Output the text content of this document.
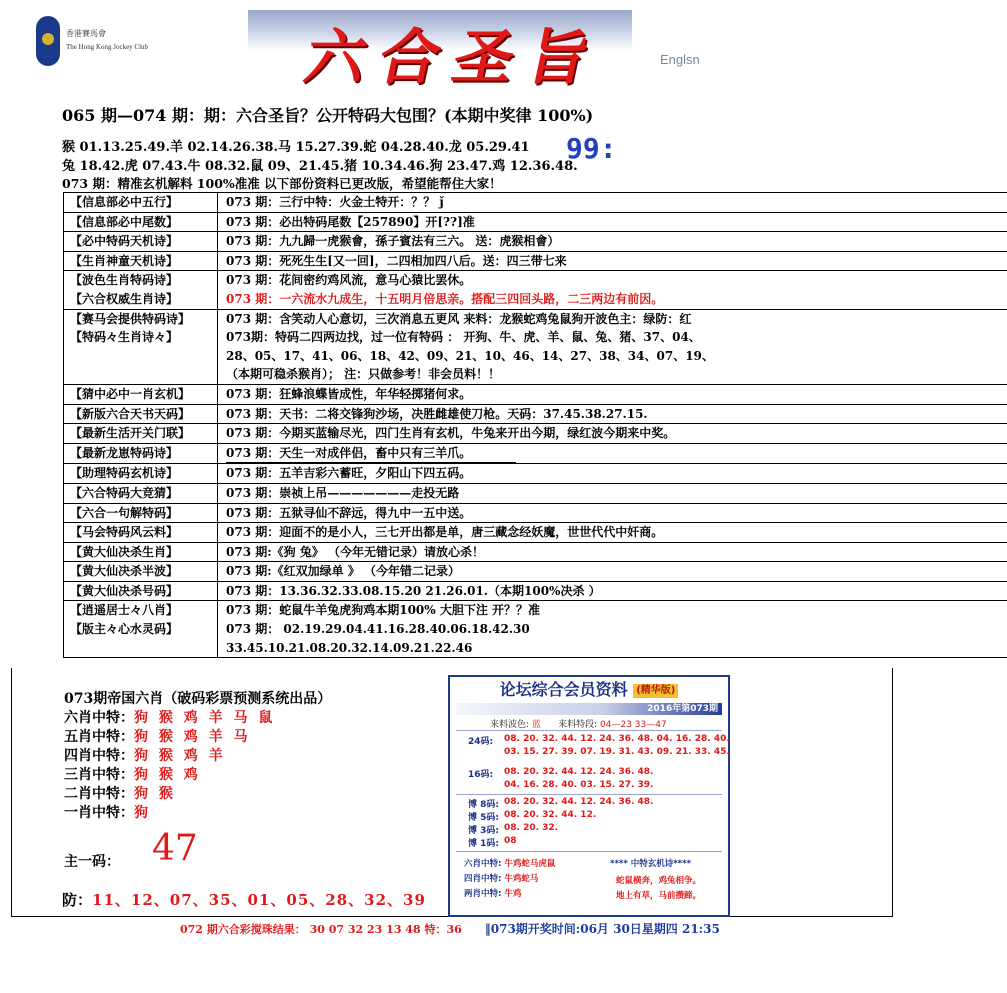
香港賽馬會
The Hong Kong Jockey Club	六合圣旨	Englsn
065 期—074 期：期：六合圣旨？公开特码大包围？(本期中奖律 100%)
猴 01.13.25.49.羊 02.14.26.38.马 15.27.39.蛇 04.28.40.龙 05.29.41
兔 18.42.虎 07.43.牛 08.32.鼠 09、21.45.猪 10.34.46.狗 23.47.鸡 12.36.48.
99:
073 期：精准玄机解料 100%准准 以下部份资料已更改版，希望能帮住大家！
【信息部必中五行】	073 期：三行中特：火金土特开：？？ ǰ
【信息部必中尾数】	073 期：必出特码尾数【257890】开[??]准
【必中特码天机诗】	073 期：九九歸一虎猴會，孫子賓法有三六。 送：虎猴相會）
【生肖神童天机诗】	073 期：死死生生[又一回]，二四相加四八后。送：四三带七来
【波色生肖特码诗】	073 期：花间密约鸡风流，意马心猿比罢休。
【六合权威生肖诗】	073 期：一六流水九成生，十五明月倍思亲。搭配三四回头路，二三两边有前因。
【赛马会提供特码诗】	073 期：含笑动人心意切，三次消息五更风 来料：龙猴蛇鸡兔鼠狗开波色主：绿防：红
【特码々生肖诗々】	073期：特码二四两边找，过一位有特码 ： 开狗、牛、虎、羊、鼠、兔、猪、37、04、
	28、05、17、41、06、18、42、09、21、10、46、14、27、38、34、07、19、
	（本期可稳杀猴肖）； 注：只做参考！非会员料！！
【猜中必中一肖玄机】	073 期：狂蜂浪蝶皆成性，年华轻掷猪何求。
【新版六合天书天码】	073 期：天书：二将交锋狗沙场，决胜雌雄使刀枪。天码：37.45.38.27.15.
【最新生活开关门联】	073 期：今期买蓝输尽光，四门生肖有玄机，牛兔来开出今期，绿红波今期来中奖。
【最新龙崽特码诗】	073 期：天生一对成伴侣，畜中只有三羊爪。
【助理特码玄机诗】	073 期：五羊吉彩六蓄旺，夕阳山下四五码。
【六合特码大竞猜】	073 期：崇祯上吊———————走投无路
【六合一句解特码】	073 期：五狱寻仙不辞远，得九中一五中送。
【马会特码风云料】	073 期：迎面不的是小人，三七开出都是单，唐三藏念经妖魔，世世代代中奸商。
【黄大仙决杀生肖】	073 期:《狗 兔》 （今年无错记录）请放心杀！
【黄大仙决杀半波】	073 期:《红双加绿单 》 （今年错二记录）
【黄大仙决杀号码】	073 期：13.36.32.33.08.15.20 21.26.01.（本期100%决杀 ）
【逍遥居士々八肖】	073 期：蛇鼠牛羊兔虎狗鸡本期100% 大胆下注 开？？准
【版主々心水灵码】	073 期： 02.19.29.04.41.16.28.40.06.18.42.30
	33.45.10.21.08.20.32.14.09.21.22.46
073期帝国六肖（破码彩票预测系统出品）
六肖中特：狗 猴 鸡 羊 马 鼠
五肖中特：狗 猴 鸡 羊 马
四肖中特：狗 猴 鸡 羊
三肖中特：狗 猴 鸡
二肖中特：狗 猴
一肖中特：狗
主一码： 47
防：11、12、07、35、01、05、28、32、39
论坛综合会员资料 (精华版)
2016年第073期
来料波色: 蓝 来料特段: 04—23 33—47
24码: 08. 20. 32. 44. 12. 24. 36. 48. 04. 16. 28. 40.
03. 15. 27. 39. 07. 19. 31. 43. 09. 21. 33. 45.
16码: 08. 20. 32. 44. 12. 24. 36. 48.
04. 16. 28. 40. 03. 15. 27. 39.
博 8码: 08. 20. 32. 44. 12. 24. 36. 48.
博 5码: 08. 20. 32. 44. 12.
博 3码: 08. 20. 32.
博 1码: 08
六肖中特: 牛鸡蛇马虎鼠
四肖中特: 牛鸡蛇马
两肖中特: 牛鸡
**** 中特玄机诗****
蛇鼠横奔，鸡兔相争。
地上有草，马前攒蹄。
072 期六合彩搅珠结果： 30 07 32 23 13 48 特：36 ‖073期开奖时间:06月 30日星期四 21:35
